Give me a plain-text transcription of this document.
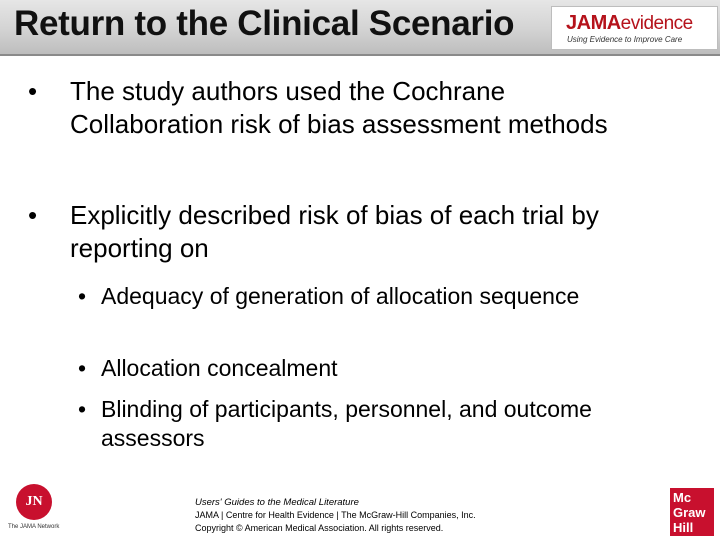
Return to the Clinical Scenario	JAMAevidence
Using Evidence to Improve Care
• The study authors used the Cochrane Collaboration risk of bias assessment methods
• Explicitly described risk of bias of each trial by reporting on
• Adequacy of generation of allocation sequence
• Allocation concealment
• Blinding of participants, personnel, and outcome assessors
JN
The JAMA Network
Users' Guides to the Medical Literature
JAMA | Centre for Health Evidence | The McGraw-Hill Companies, Inc.
Copyright © American Medical Association. All rights reserved.
Mc
Graw
Hill
